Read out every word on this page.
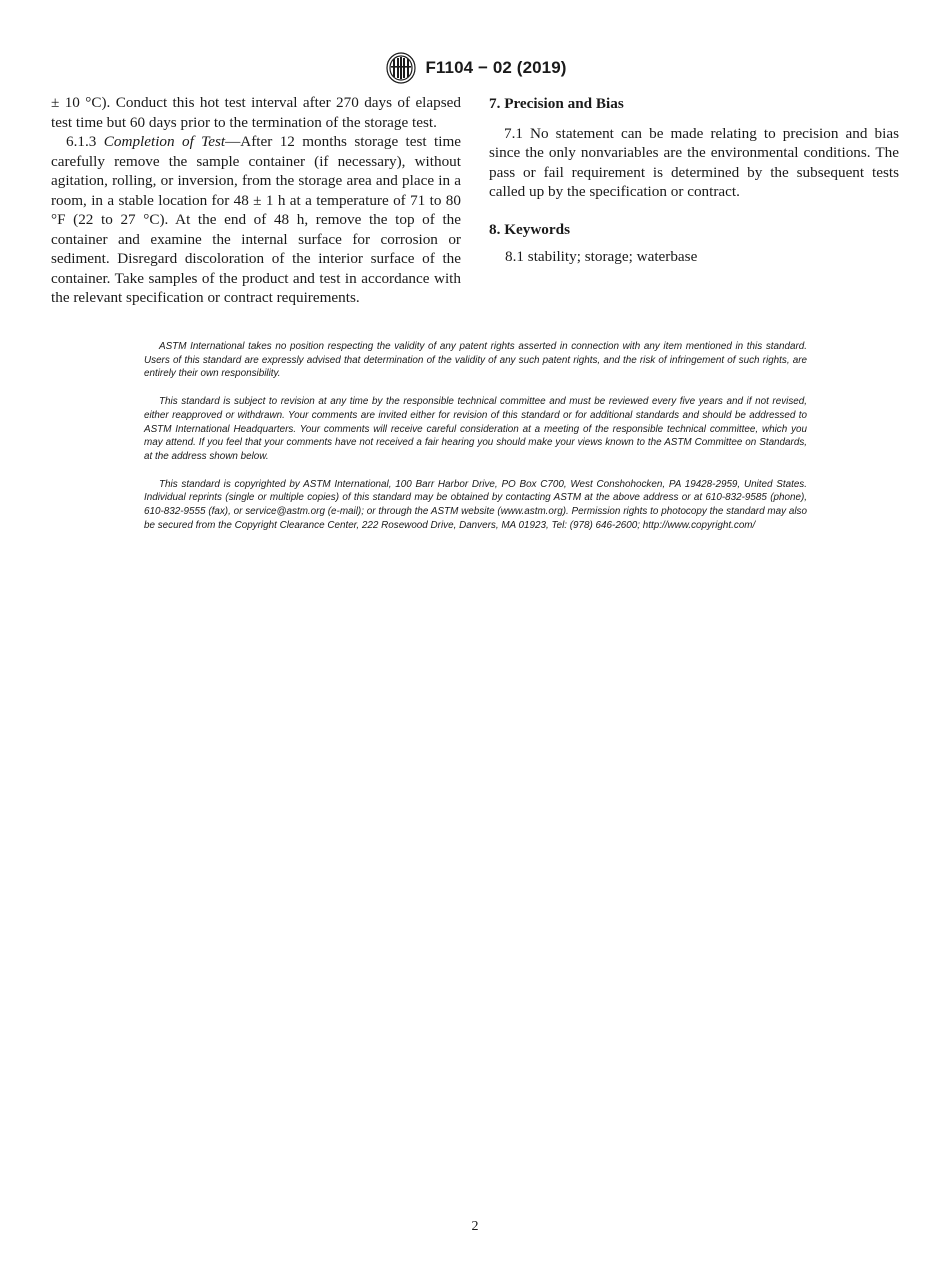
F1104 − 02 (2019)

± 10 °C). Conduct this hot test interval after 270 days of elapsed test time but 60 days prior to the termination of the storage test.

6.1.3 Completion of Test—After 12 months storage test time carefully remove the sample container (if necessary), without agitation, rolling, or inversion, from the storage area and place in a room, in a stable location for 48 ± 1 h at a temperature of 71 to 80 °F (22 to 27 °C). At the end of 48 h, remove the top of the container and examine the internal surface for corrosion or sediment. Disregard discoloration of the interior surface of the container. Take samples of the product and test in accordance with the relevant specification or contract requirements.

7. Precision and Bias

7.1 No statement can be made relating to precision and bias since the only nonvariables are the environmental conditions. The pass or fail requirement is determined by the subsequent tests called up by the specification or contract.

8. Keywords

8.1 stability; storage; waterbase

ASTM International takes no position respecting the validity of any patent rights asserted in connection with any item mentioned in this standard. Users of this standard are expressly advised that determination of the validity of any such patent rights, and the risk of infringement of such rights, are entirely their own responsibility.

This standard is subject to revision at any time by the responsible technical committee and must be reviewed every five years and if not revised, either reapproved or withdrawn. Your comments are invited either for revision of this standard or for additional standards and should be addressed to ASTM International Headquarters. Your comments will receive careful consideration at a meeting of the responsible technical committee, which you may attend. If you feel that your comments have not received a fair hearing you should make your views known to the ASTM Committee on Standards, at the address shown below.

This standard is copyrighted by ASTM International, 100 Barr Harbor Drive, PO Box C700, West Conshohocken, PA 19428-2959, United States. Individual reprints (single or multiple copies) of this standard may be obtained by contacting ASTM at the above address or at 610-832-9585 (phone), 610-832-9555 (fax), or service@astm.org (e-mail); or through the ASTM website (www.astm.org). Permission rights to photocopy the standard may also be secured from the Copyright Clearance Center, 222 Rosewood Drive, Danvers, MA 01923, Tel: (978) 646-2600; http://www.copyright.com/

2
